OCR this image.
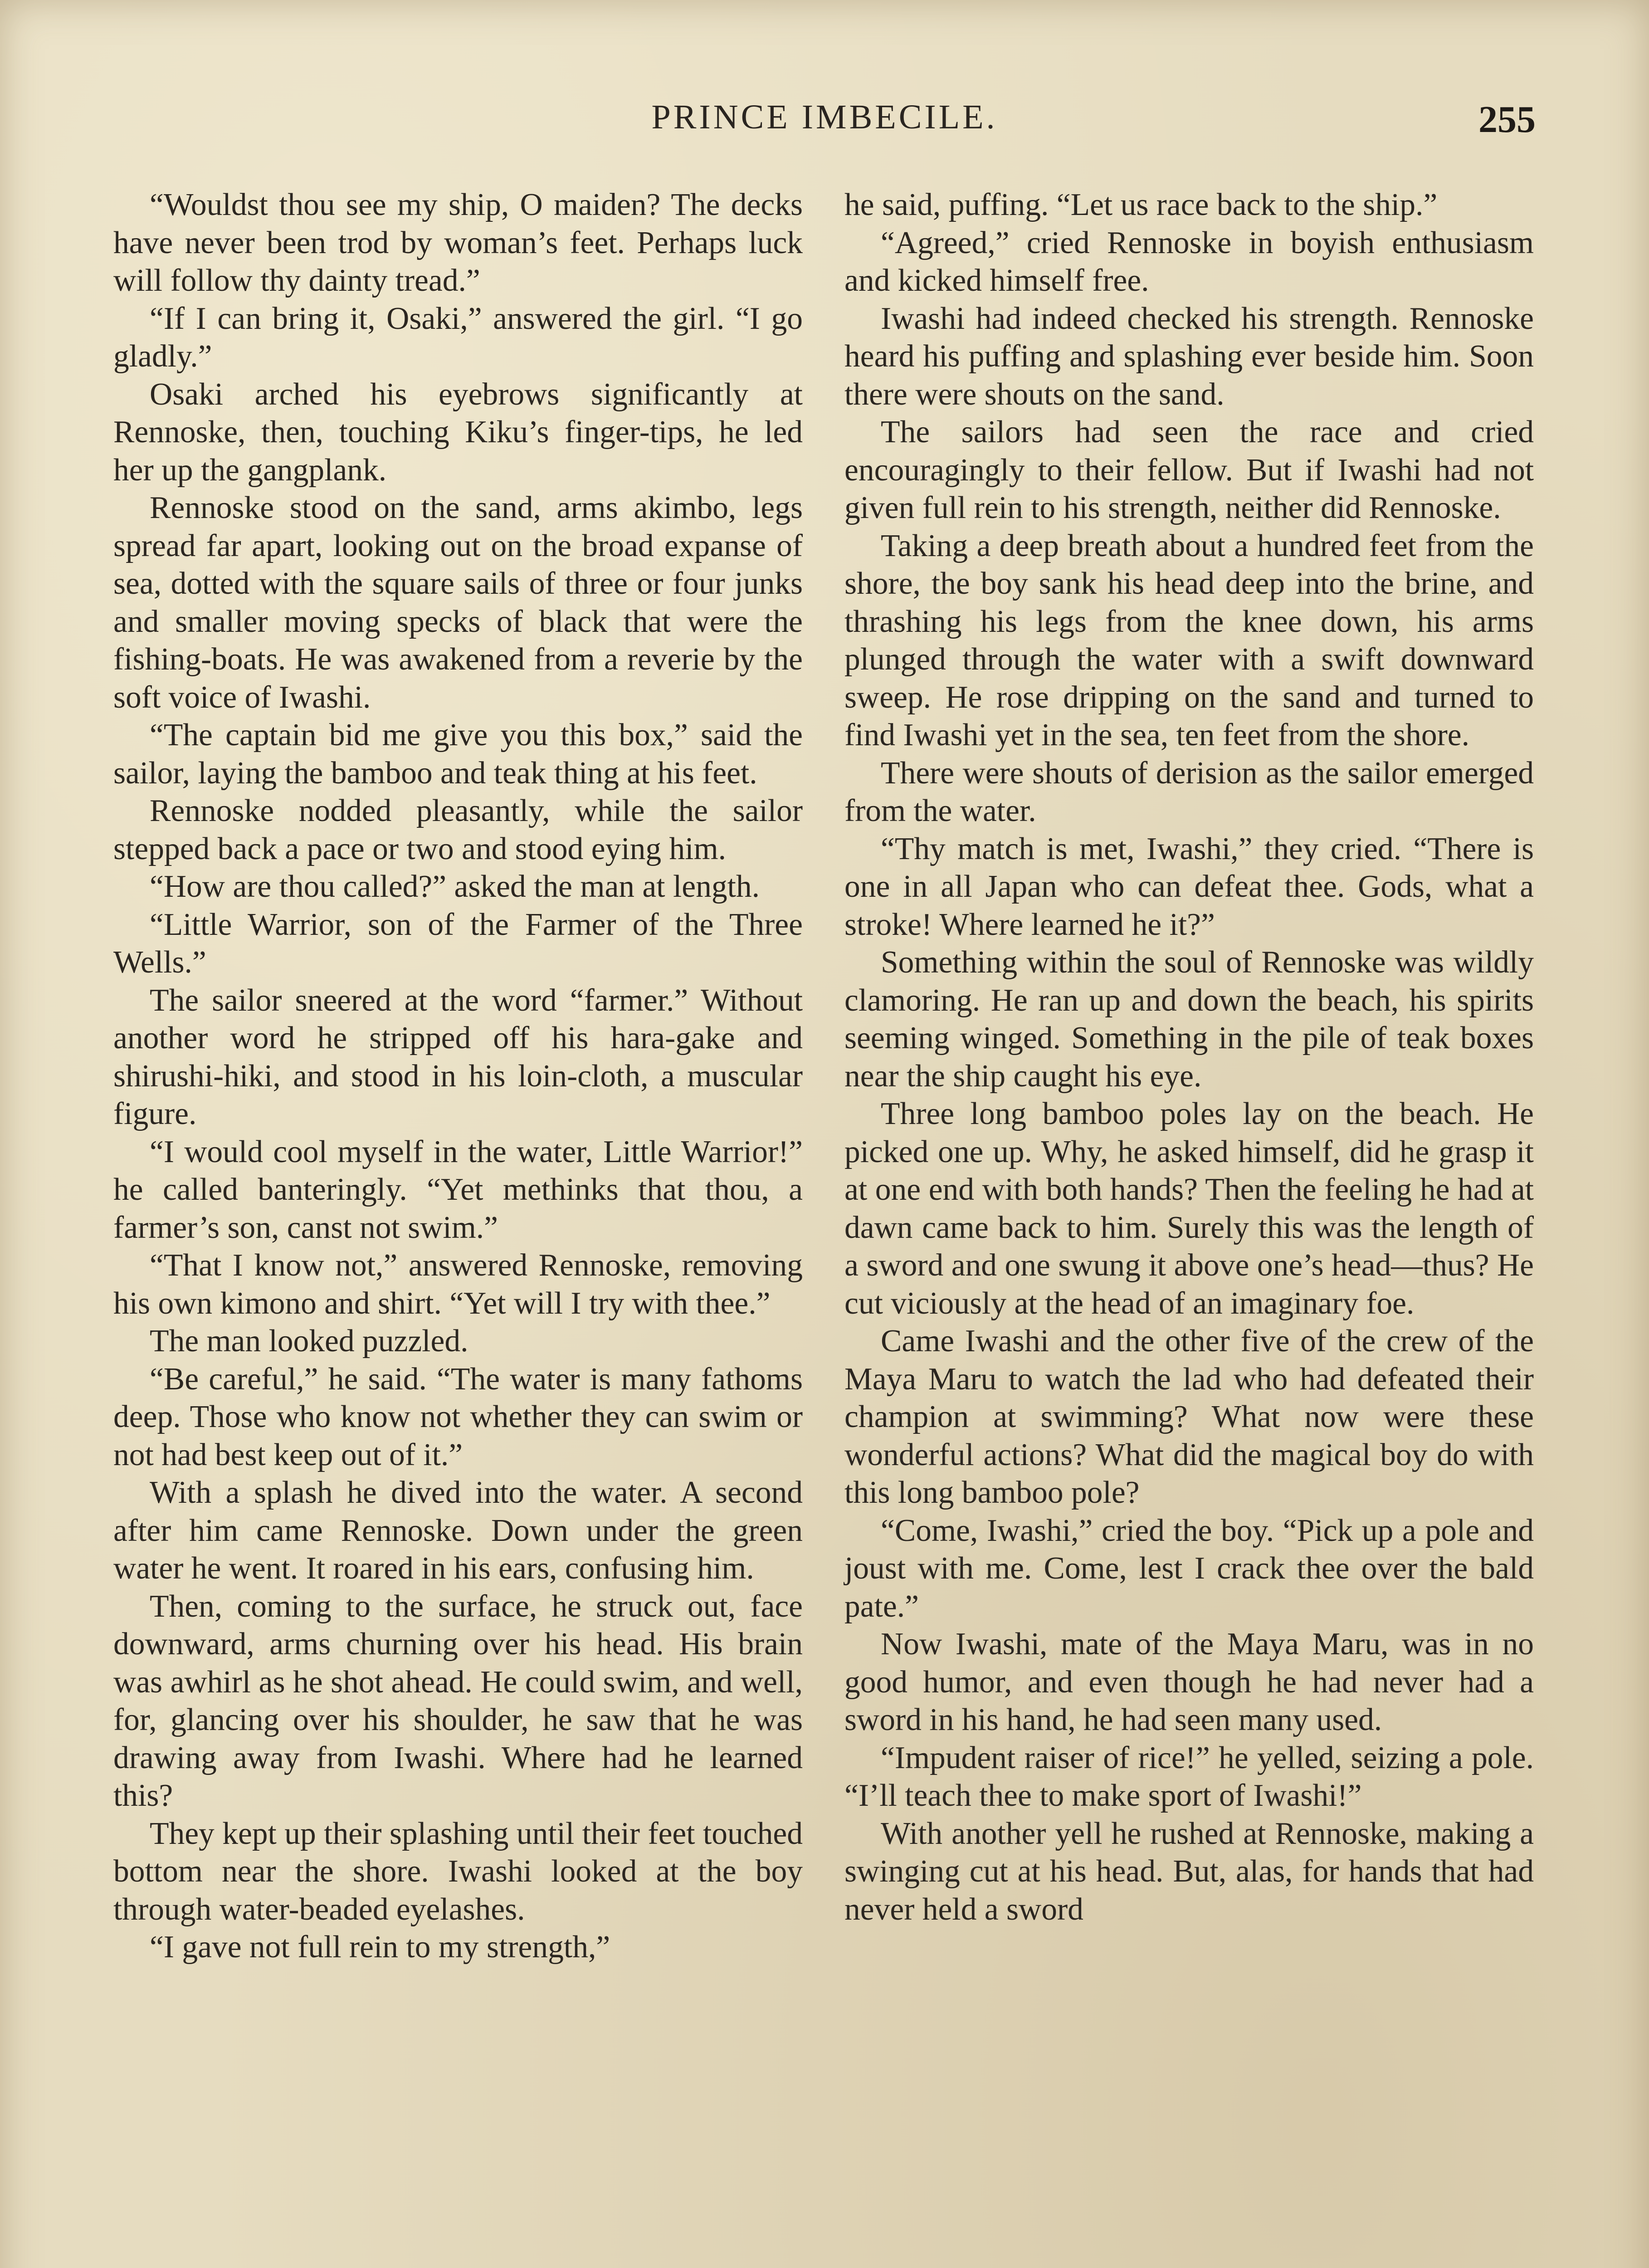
PRINCE IMBECILE.	255

“Wouldst thou see my ship, O maiden? The decks have never been trod by woman’s feet. Perhaps luck will follow thy dainty tread.”

“If I can bring it, Osaki,” answered the girl. “I go gladly.”

Osaki arched his eyebrows significantly at Rennoske, then, touching Kiku’s finger-tips, he led her up the gangplank.

Rennoske stood on the sand, arms akimbo, legs spread far apart, looking out on the broad expanse of sea, dotted with the square sails of three or four junks and smaller moving specks of black that were the fishing-boats. He was awakened from a reverie by the soft voice of Iwashi.

“The captain bid me give you this box,” said the sailor, laying the bamboo and teak thing at his feet.

Rennoske nodded pleasantly, while the sailor stepped back a pace or two and stood eying him.

“How are thou called?” asked the man at length.

“Little Warrior, son of the Farmer of the Three Wells.”

The sailor sneered at the word “farmer.” Without another word he stripped off his hara-gake and shirushi-hiki, and stood in his loin-cloth, a muscular figure.

“I would cool myself in the water, Little Warrior!” he called banteringly. “Yet methinks that thou, a farmer’s son, canst not swim.”

“That I know not,” answered Rennoske, removing his own kimono and shirt. “Yet will I try with thee.”

The man looked puzzled.

“Be careful,” he said. “The water is many fathoms deep. Those who know not whether they can swim or not had best keep out of it.”

With a splash he dived into the water. A second after him came Rennoske. Down under the green water he went. It roared in his ears, confusing him.

Then, coming to the surface, he struck out, face downward, arms churning over his head. His brain was awhirl as he shot ahead. He could swim, and well, for, glancing over his shoulder, he saw that he was drawing away from Iwashi. Where had he learned this?

They kept up their splashing until their feet touched bottom near the shore. Iwashi looked at the boy through water-beaded eyelashes.

“I gave not full rein to my strength,”

he said, puffing. “Let us race back to the ship.”

“Agreed,” cried Rennoske in boyish enthusiasm and kicked himself free.

Iwashi had indeed checked his strength. Rennoske heard his puffing and splashing ever beside him. Soon there were shouts on the sand.

The sailors had seen the race and cried encouragingly to their fellow. But if Iwashi had not given full rein to his strength, neither did Rennoske.

Taking a deep breath about a hundred feet from the shore, the boy sank his head deep into the brine, and thrashing his legs from the knee down, his arms plunged through the water with a swift downward sweep. He rose dripping on the sand and turned to find Iwashi yet in the sea, ten feet from the shore.

There were shouts of derision as the sailor emerged from the water.

“Thy match is met, Iwashi,” they cried. “There is one in all Japan who can defeat thee. Gods, what a stroke! Where learned he it?”

Something within the soul of Rennoske was wildly clamoring. He ran up and down the beach, his spirits seeming winged. Something in the pile of teak boxes near the ship caught his eye.

Three long bamboo poles lay on the beach. He picked one up. Why, he asked himself, did he grasp it at one end with both hands? Then the feeling he had at dawn came back to him. Surely this was the length of a sword and one swung it above one’s head—thus? He cut viciously at the head of an imaginary foe.

Came Iwashi and the other five of the crew of the Maya Maru to watch the lad who had defeated their champion at swimming? What now were these wonderful actions? What did the magical boy do with this long bamboo pole?

“Come, Iwashi,” cried the boy. “Pick up a pole and joust with me. Come, lest I crack thee over the bald pate.”

Now Iwashi, mate of the Maya Maru, was in no good humor, and even though he had never had a sword in his hand, he had seen many used.

“Impudent raiser of rice!” he yelled, seizing a pole. “I’ll teach thee to make sport of Iwashi!”

With another yell he rushed at Rennoske, making a swinging cut at his head. But, alas, for hands that had never held a sword
